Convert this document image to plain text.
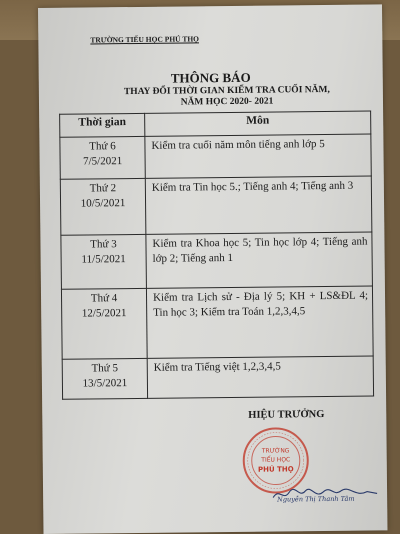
TRƯỜNG TIỂU HỌC PHÚ THỌ
THÔNG BÁO
THAY ĐỔI THỜI GIAN KIỂM TRA CUỐI NĂM,
NĂM HỌC 2020- 2021
Thời gian	Môn

Thứ 6
7/5/2021	Kiểm tra cuối năm môn tiếng anh lớp 5

Thứ 2
10/5/2021	Kiểm tra Tin học 5.; Tiếng anh 4; Tiếng anh 3

Thứ 3
11/5/2021	Kiểm tra Khoa học 5; Tin học lớp 4; Tiếng anh lớp 2; Tiếng anh 1

Thứ 4
12/5/2021	Kiểm tra Lịch sử - Địa lý 5; KH + LS&ĐL 4; Tin học 3; Kiểm tra Toán 1,2,3,4,5

Thứ 5
13/5/2021	Kiểm tra Tiếng việt 1,2,3,4,5
HIỆU TRƯỞNG
TRƯỜNG
TIỂU HỌC
PHÚ THỌ
Nguyễn Thị Thanh Tâm
